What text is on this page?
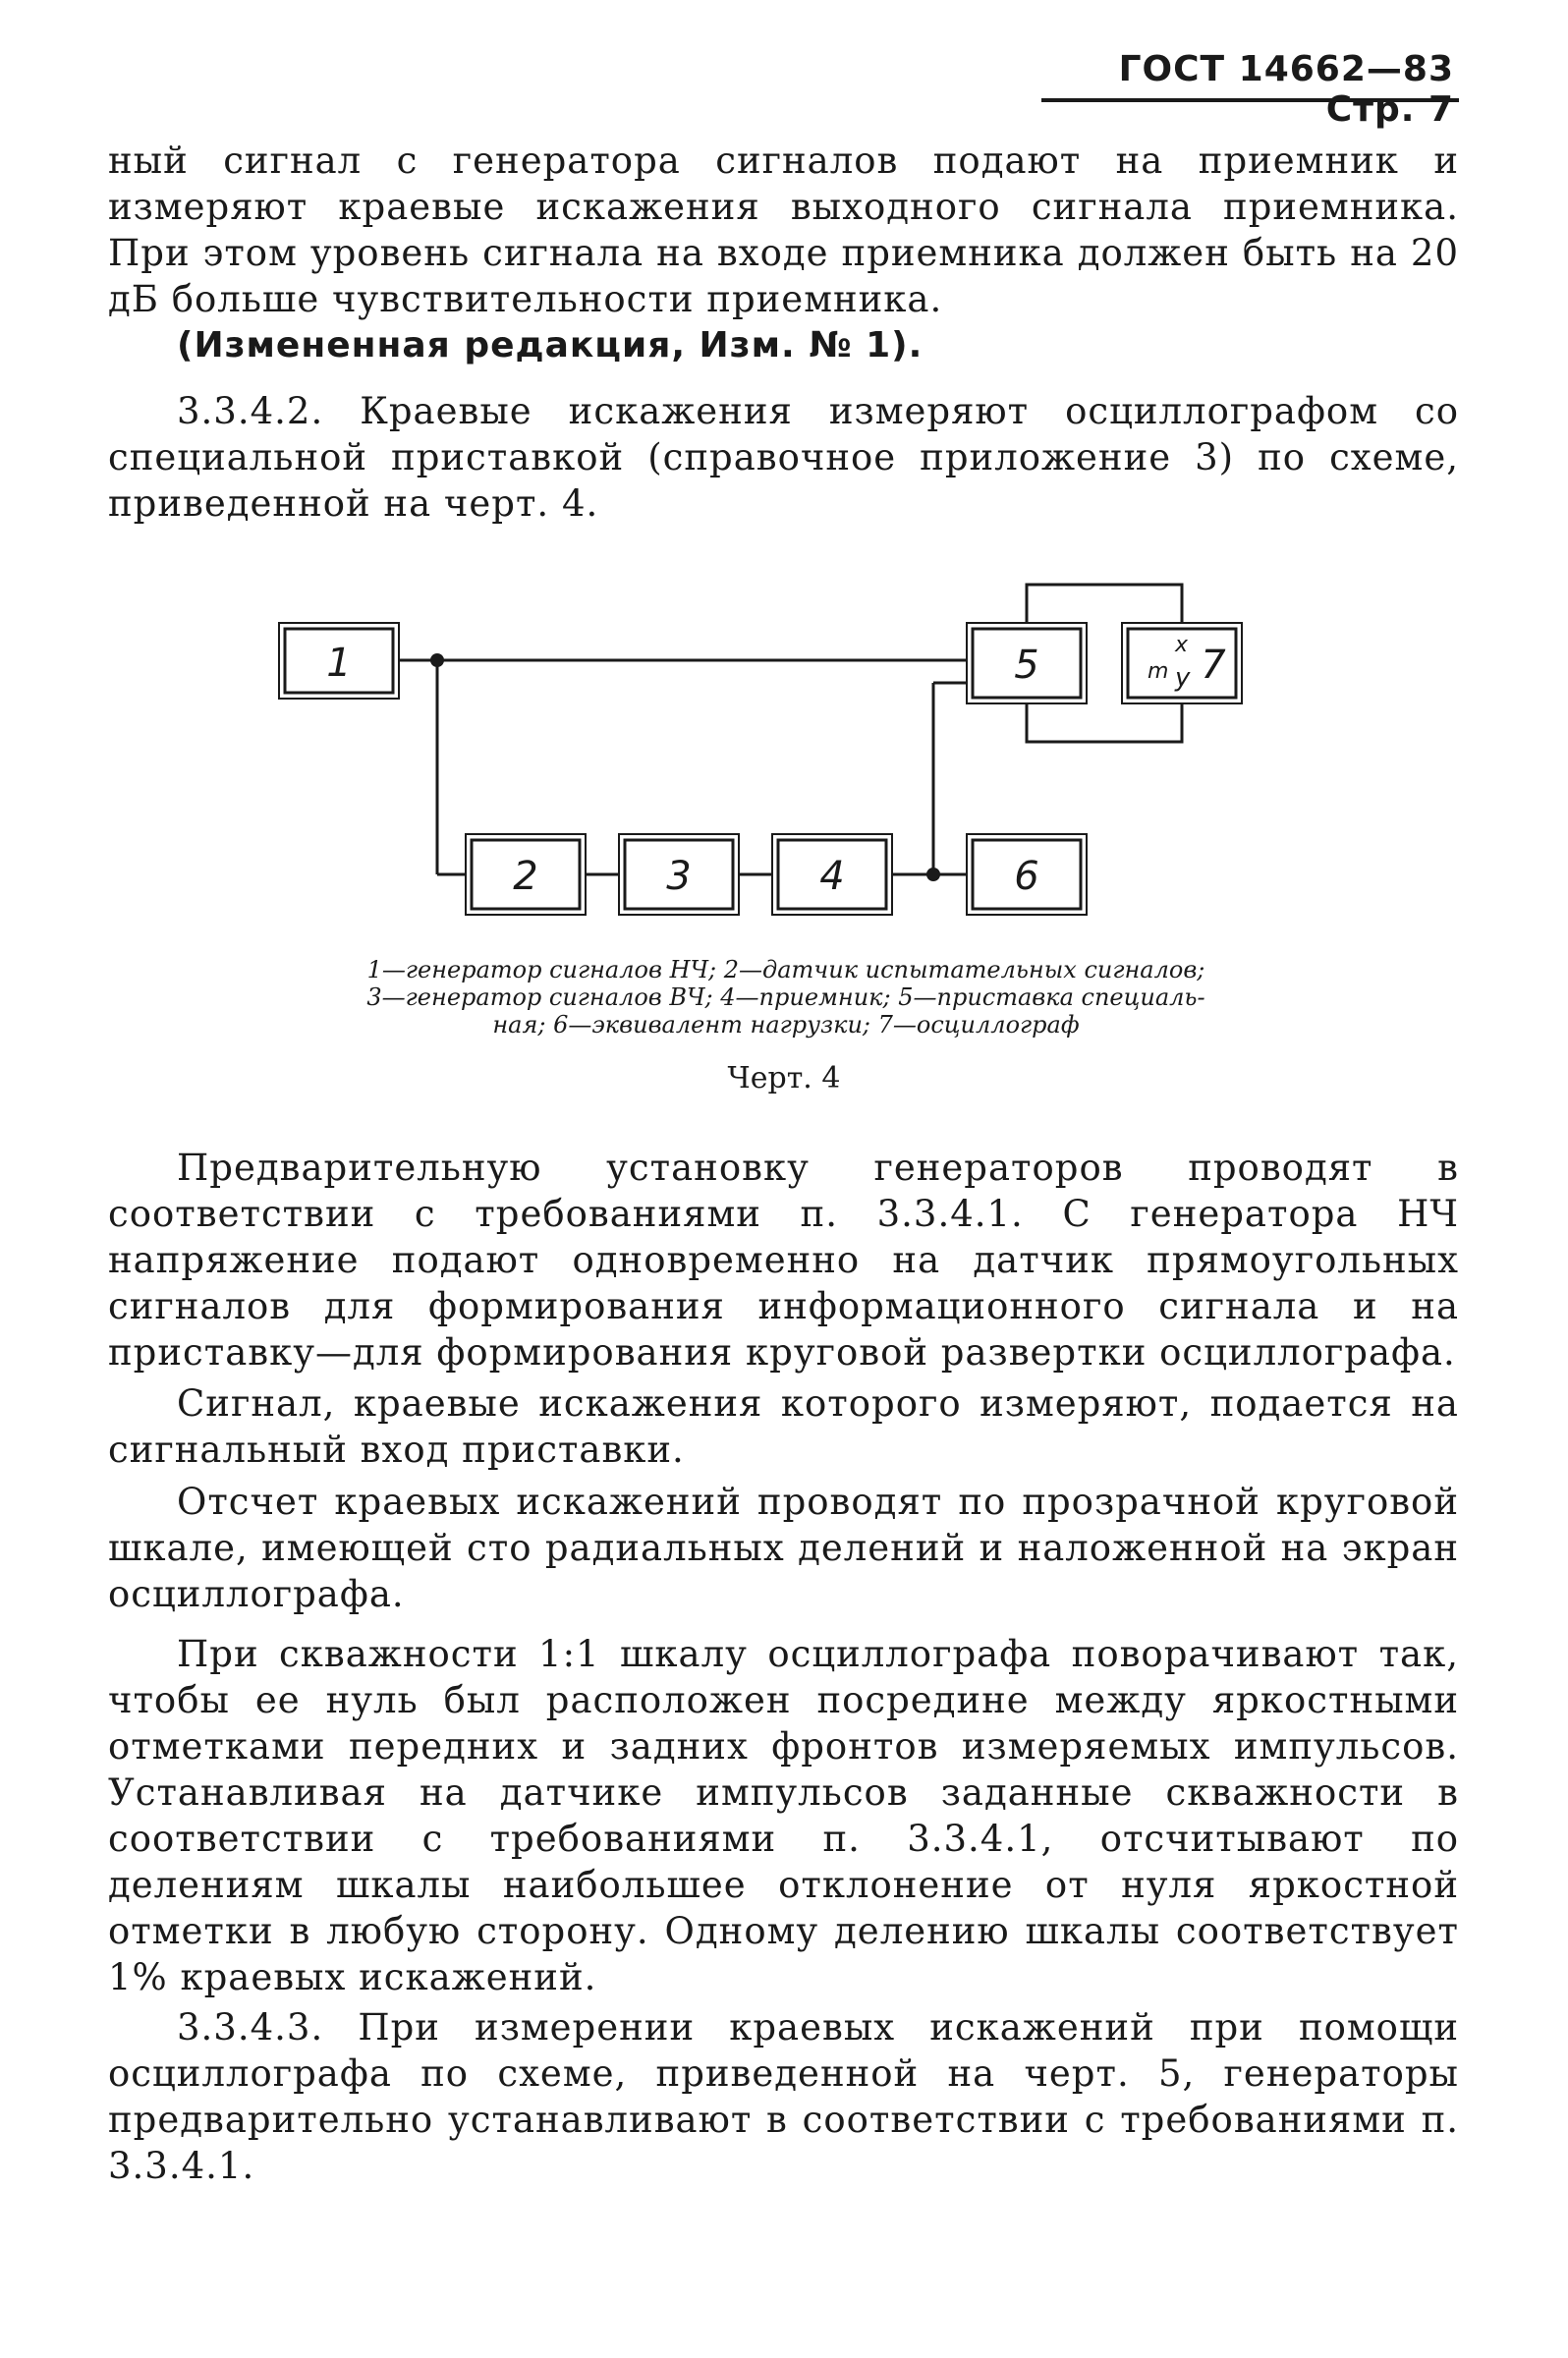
ГОСТ 14662—83 Стр. 7
ный сигнал с генератора сигналов подают на приемник и измеряют краевые искажения выходного сигнала приемника. При этом уровень сигнала на входе приемника должен быть на 20 дБ больше чувствительности приемника.
(Измененная редакция, Изм. № 1).
3.3.4.2. Краевые искажения измеряют осциллографом со специальной приставкой (справочное приложение 3) по схеме, приведенной на черт. 4.
1	5	m
x
y 7
2	3	4	6
1—генератор сигналов НЧ; 2—датчик испытательных сигналов;
3—генератор сигналов ВЧ; 4—приемник; 5—приставка специаль-
ная; 6—эквивалент нагрузки; 7—осциллограф
Черт. 4
Предварительную установку генераторов проводят в соответствии с требованиями п. 3.3.4.1. С генератора НЧ напряжение подают одновременно на датчик прямоугольных сигналов для формирования информационного сигнала и на приставку—для формирования круговой развертки осциллографа.
Сигнал, краевые искажения которого измеряют, подается на сигнальный вход приставки.
Отсчет краевых искажений проводят по прозрачной круговой шкале, имеющей сто радиальных делений и наложенной на экран осциллографа.
При скважности 1:1 шкалу осциллографа поворачивают так, чтобы ее нуль был расположен посредине между яркостными отметками передних и задних фронтов измеряемых импульсов. Устанавливая на датчике импульсов заданные скважности в соответствии с требованиями п. 3.3.4.1, отсчитывают по делениям шкалы наибольшее отклонение от нуля яркостной отметки в любую сторону. Одному делению шкалы соответствует 1% краевых искажений.
3.3.4.3. При измерении краевых искажений при помощи осциллографа по схеме, приведенной на черт. 5, генераторы предварительно устанавливают в соответствии с требованиями п. 3.3.4.1.
